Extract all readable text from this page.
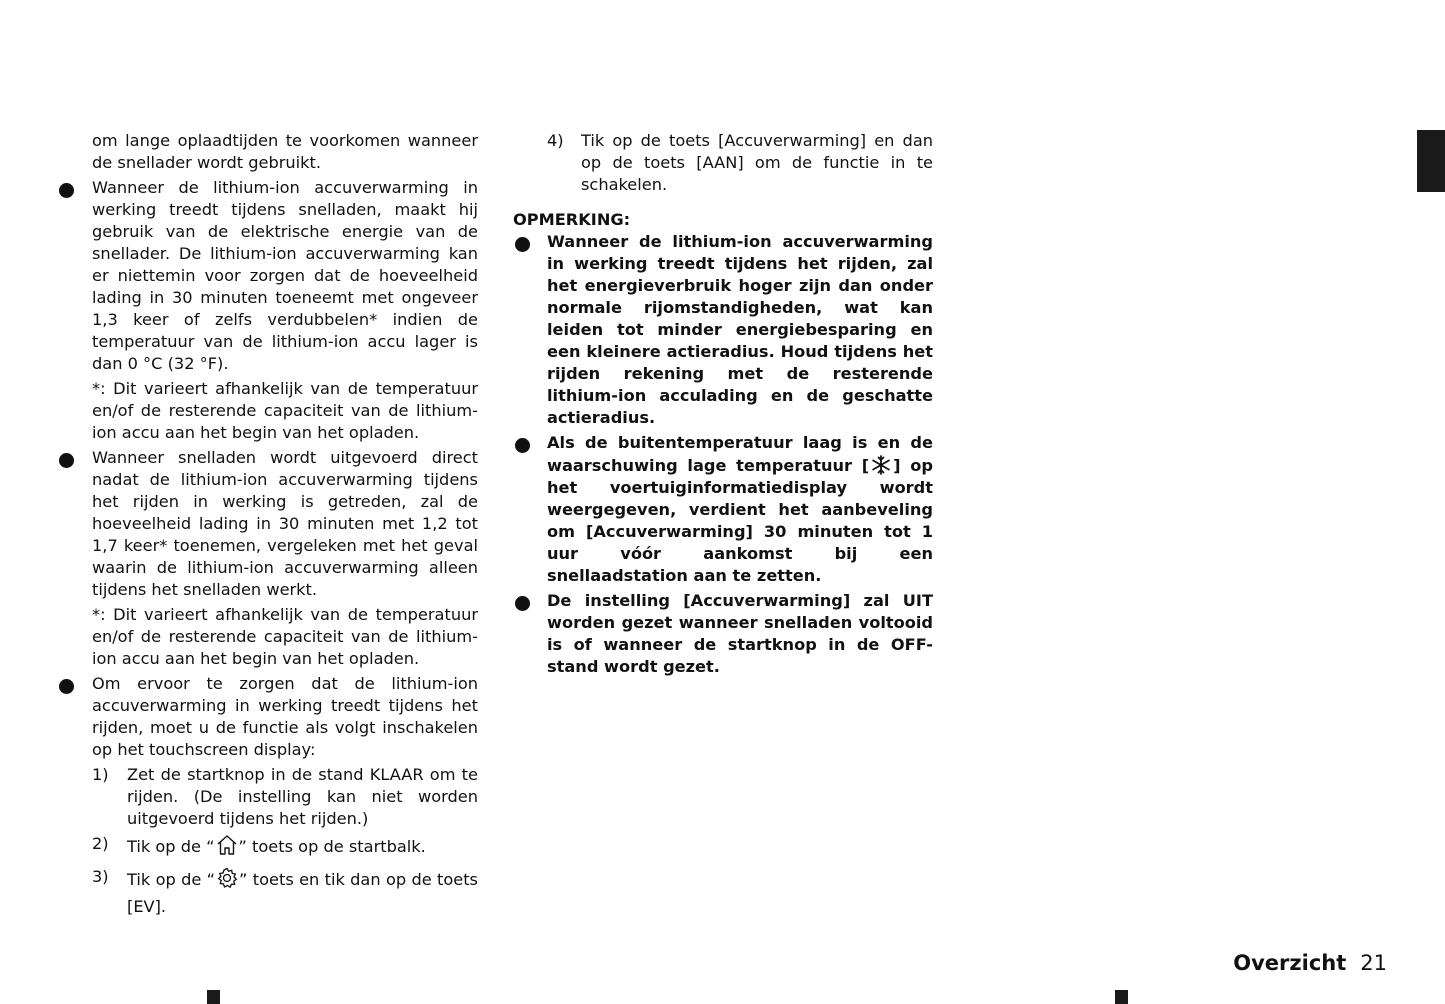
om lange oplaadtijden te voorkomen wanneer de snellader wordt gebruikt.

Wanneer de lithium-ion accuverwarming in werking treedt tijdens snelladen, maakt hij gebruik van de elektrische energie van de snellader. De lithium-ion accuverwarming kan er niettemin voor zorgen dat de hoeveelheid lading in 30 minuten toeneemt met ongeveer 1,3 keer of zelfs verdubbelen* indien de temperatuur van de lithium-ion accu lager is dan 0 °C (32 °F).

*: Dit varieert afhankelijk van de temperatuur en/of de resterende capaciteit van de lithium-ion accu aan het begin van het opladen.

Wanneer snelladen wordt uitgevoerd direct nadat de lithium-ion accuverwarming tijdens het rijden in werking is getreden, zal de hoeveelheid lading in 30 minuten met 1,2 tot 1,7 keer* toenemen, vergeleken met het geval waarin de lithium-ion accuverwarming alleen tijdens het snelladen werkt.

*: Dit varieert afhankelijk van de temperatuur en/of de resterende capaciteit van de lithium-ion accu aan het begin van het opladen.

Om ervoor te zorgen dat de lithium-ion accuverwarming in werking treedt tijdens het rijden, moet u de functie als volgt inschakelen op het touchscreen display:

1) Zet de startknop in de stand KLAAR om te rijden. (De instelling kan niet worden uitgevoerd tijdens het rijden.)
2) Tik op de “ ” toets op de startbalk.
3) Tik op de “ ” toets en tik dan op de toets [EV].
4) Tik op de toets [Accuverwarming] en dan op de toets [AAN] om de functie in te schakelen.

OPMERKING:

Wanneer de lithium-ion accuverwarming in werking treedt tijdens het rijden, zal het energieverbruik hoger zijn dan onder normale rijomstandigheden, wat kan leiden tot minder energiebesparing en een kleinere actieradius. Houd tijdens het rijden rekening met de resterende lithium-ion acculading en de geschatte actieradius.

Als de buitentemperatuur laag is en de waarschuwing lage temperatuur [ ] op het voertuiginformatiedisplay wordt weergegeven, verdient het aanbeveling om [Accuverwarming] 30 minuten tot 1 uur vóór aankomst bij een snellaadstation aan te zetten.

De instelling [Accuverwarming] zal UIT worden gezet wanneer snelladen voltooid is of wanneer de startknop in de OFF-stand wordt gezet.

Overzicht 21
